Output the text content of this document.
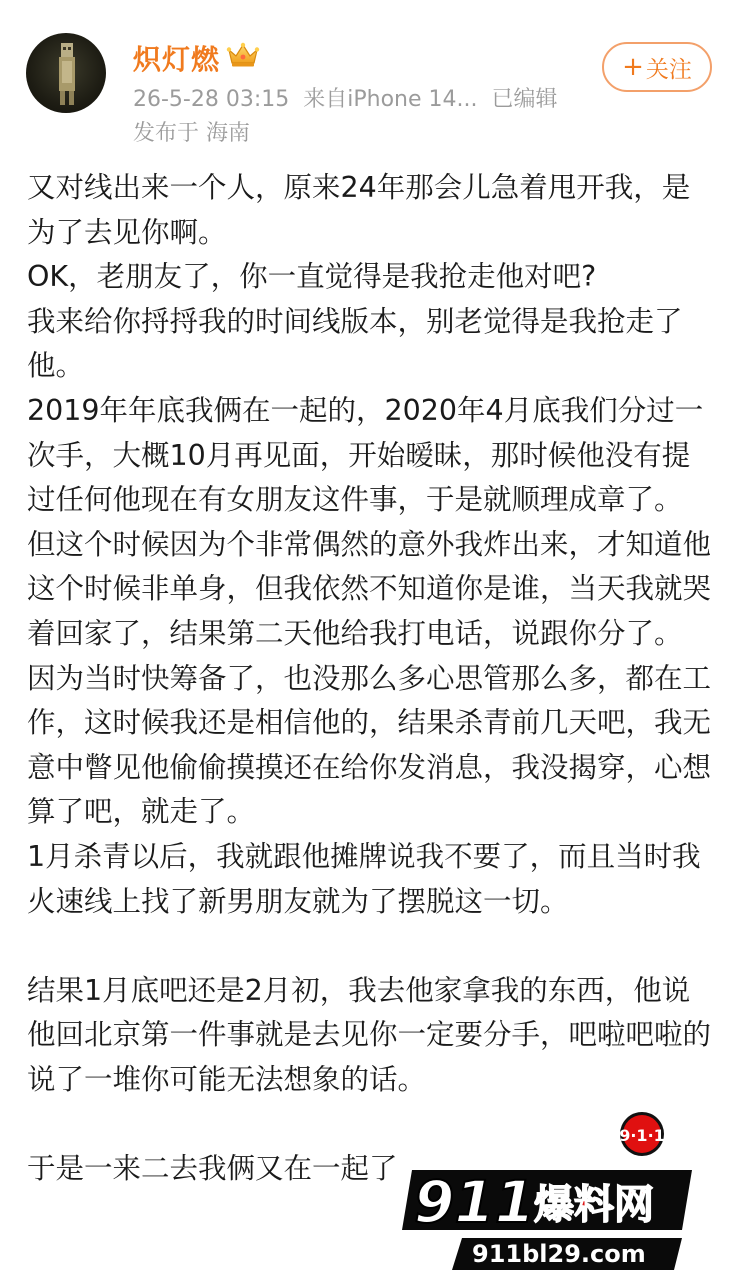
炽灯燃
26-5-28 03:15 来自iPhone 14... 已编辑
发布于 海南
+ 关注

又对线出来一个人，原来24年那会儿急着甩开我，是为了去见你啊。

OK，老朋友了，你一直觉得是我抢走他对吧?

我来给你捋捋我的时间线版本，别老觉得是我抢走了他。

2019年年底我俩在一起的，2020年4月底我们分过一次手，大概10月再见面，开始暧昧，那时候他没有提过任何他现在有女朋友这件事，于是就顺理成章了。

但这个时候因为个非常偶然的意外我炸出来，才知道他这个时候非单身，但我依然不知道你是谁，当天我就哭着回家了，结果第二天他给我打电话，说跟你分了。

因为当时快筹备了，也没那么多心思管那么多，都在工作，这时候我还是相信他的，结果杀青前几天吧，我无意中瞥见他偷偷摸摸还在给你发消息，我没揭穿，心想算了吧，就走了。

1月杀青以后，我就跟他摊牌说我不要了，而且当时我火速线上找了新男朋友就为了摆脱这一切。

结果1月底吧还是2月初，我去他家拿我的东西，他说他回北京第一件事就是去见你一定要分手，吧啦吧啦的说了一堆你可能无法想象的话。

于是一来二去我俩又在一起了

9·1·1
911
爆料网
911bl29.com
